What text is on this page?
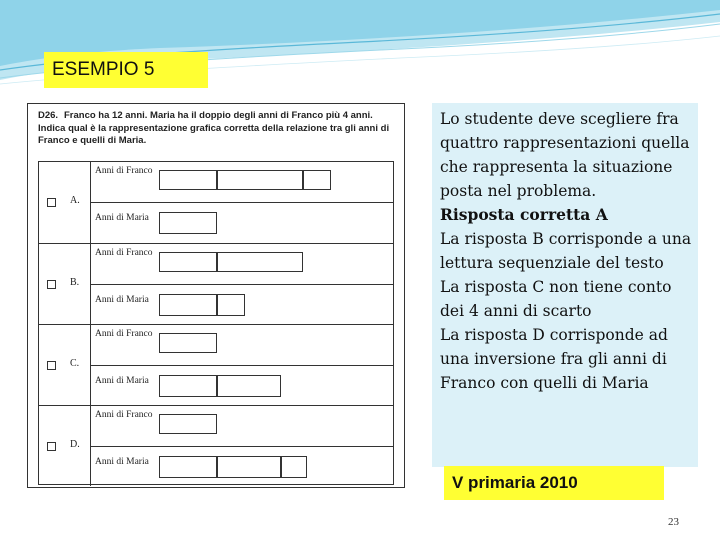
ESEMPIO 5
D26. Franco ha 12 anni. Maria ha il doppio degli anni di Franco più 4 anni. Indica qual è la rappresentazione grafica corretta della relazione tra gli anni di Franco e quelli di Maria.
A.
Anni di Franco
Anni di Maria
B.
Anni di Franco
Anni di Maria
C.
Anni di Franco
Anni di Maria
D.
Anni di Franco
Anni di Maria
Lo studente deve scegliere fra quattro rappresentazioni quella che rappresenta la situazione posta nel problema.
Risposta corretta A
La risposta B corrisponde a una lettura sequenziale del testo
La risposta C non tiene conto dei 4 anni di scarto
La risposta D corrisponde ad una inversione fra gli anni di Franco con quelli di Maria
V primaria 2010
23
